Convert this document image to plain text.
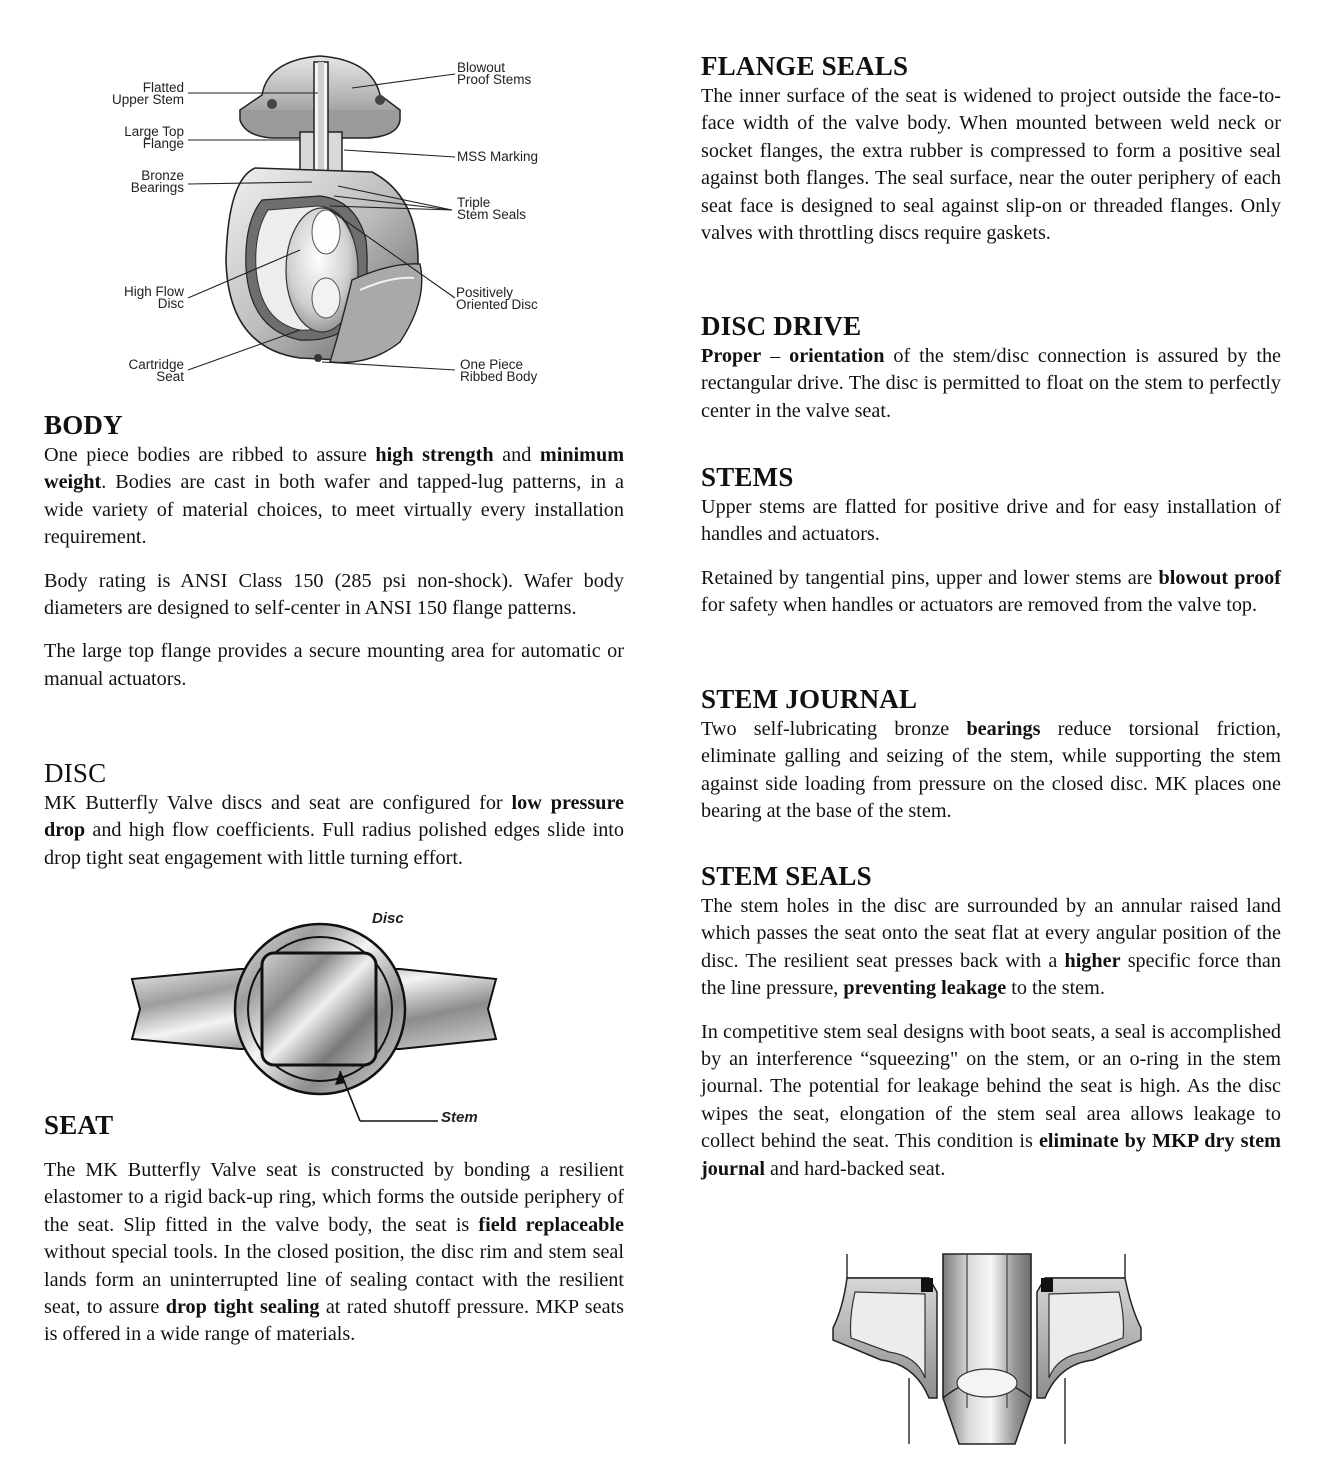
Flatted
Upper Stem
Large Top
Flange
Bronze
Bearings
High Flow
Disc
Cartridge
Seat
Blowout
Proof Stems
MSS Marking
Triple
Stem Seals
Positively
Oriented Disc
One Piece
Ribbed Body
BODY

One piece bodies are ribbed to assure high strength and minimum weight. Bodies are cast in both wafer and tapped-lug patterns, in a wide variety of material choices, to meet virtually every installation requirement.

Body rating is ANSI Class 150 (285 psi non-shock). Wafer body diameters are designed to self-center in ANSI 150 flange patterns.

The large top flange provides a secure mounting area for automatic or manual actuators.

DISC

MK Butterfly Valve discs and seat are configured for low pressure drop and high flow coefficients. Full radius polished edges slide into drop tight seat engagement with little turning effort.

SEAT

The MK Butterfly Valve seat is constructed by bonding a resilient elastomer to a rigid back-up ring, which forms the outside periphery of the seat. Slip fitted in the valve body, the seat is field replaceable without special tools. In the closed position, the disc rim and stem seal lands form an uninterrupted line of sealing contact with the resilient seat, to assure drop tight sealing at rated shutoff pressure. MKP seats is offered in a wide range of materials.

Disc
Stem
FLANGE SEALS

The inner surface of the seat is widened to project outside the face-to-face width of the valve body. When mounted between weld neck or socket flanges, the extra rubber is compressed to form a positive seal against both flanges. The seal surface, near the outer periphery of each seat face is designed to seal against slip-on or threaded flanges. Only valves with throttling discs require gaskets.

DISC DRIVE

Proper – orientation of the stem/disc connection is assured by the rectangular drive. The disc is permitted to float on the stem to perfectly center in the valve seat.

STEMS

Upper stems are flatted for positive drive and for easy installation of handles and actuators.

Retained by tangential pins, upper and lower stems are blowout proof for safety when handles or actuators are removed from the valve top.

STEM JOURNAL

Two self-lubricating bronze bearings reduce torsional friction, eliminate galling and seizing of the stem, while supporting the stem against side loading from pressure on the closed disc. MK places one bearing at the base of the stem.

STEM SEALS

The stem holes in the disc are surrounded by an annular raised land which passes the seat onto the seat flat at every angular position of the disc. The resilient seat presses back with a higher specific force than the line pressure, preventing leakage to the stem.

In competitive stem seal designs with boot seats, a seal is accomplished by an interference “squeezing" on the stem, or an o-ring in the stem journal. The potential for leakage behind the seat is high. As the disc wipes the seat, elongation of the stem seal area allows leakage to collect behind the seat. This condition is eliminate by MKP dry stem journal and hard-backed seat.
